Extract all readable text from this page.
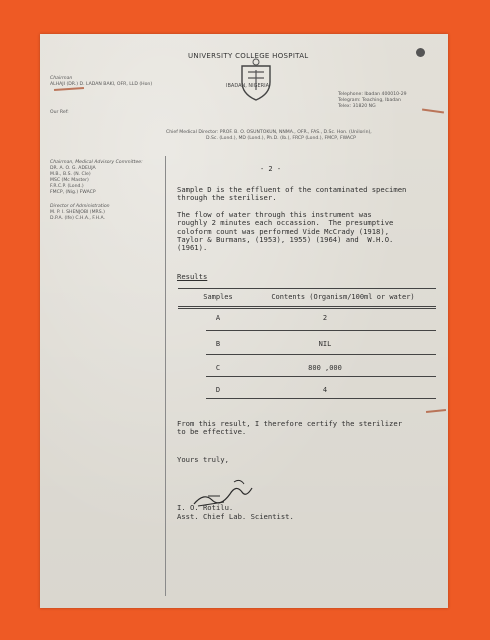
UNIVERSITY COLLEGE HOSPITAL
IBADAN, NIGERIA
Chairman
ALHAJI (DR.) D. LADAN BAKI, OFR, LLD (Hon)
Our Ref:
Telephone: Ibadan 400010-29
Telegram: Teaching, Ibadan
Telex: 31820 NG
Chief Medical Director: PROF. B. O. OSUNTOKUN, NNMA., OFR., FAS., D.Sc. Hon. (Unilorin),
D.Sc. (Lond.), MD (Lond.), Ph.D. (Ib.), FRCP (Lond.), FMCP, FWACP
Chairman, Medical Advisory Committee:
DR. A. O. G. ADEUJA
M.B., B.S. (N. Cle)
MSC (Mc Master)
F.R.C.P. (Lond.)
FMCP, (Nig.) FWACP
Director of Administration
M. P. I. SHENJOBI (MRS.)
D.P.A. (Ife) C.H.A., F.H.A.
- 2 -
Sample D is the effluent of the contaminated specimen
through the steriliser.
The flow of water through this instrument was
roughly 2 minutes each occassion.  The presumptive
coloform count was performed Vide McCrady (1918),
Taylor & Burmans, (1953), 1955) (1964) and  W.H.O.
(1961).
Results
Samples	Contents (Organism/100ml or water)
A	2
B	NIL
C	800 ,000
D	4
From this result, I therefore certify the sterilizer
to be effective.
Yours truly,
I. O. Rotilu.
Asst. Chief Lab. Scientist.
